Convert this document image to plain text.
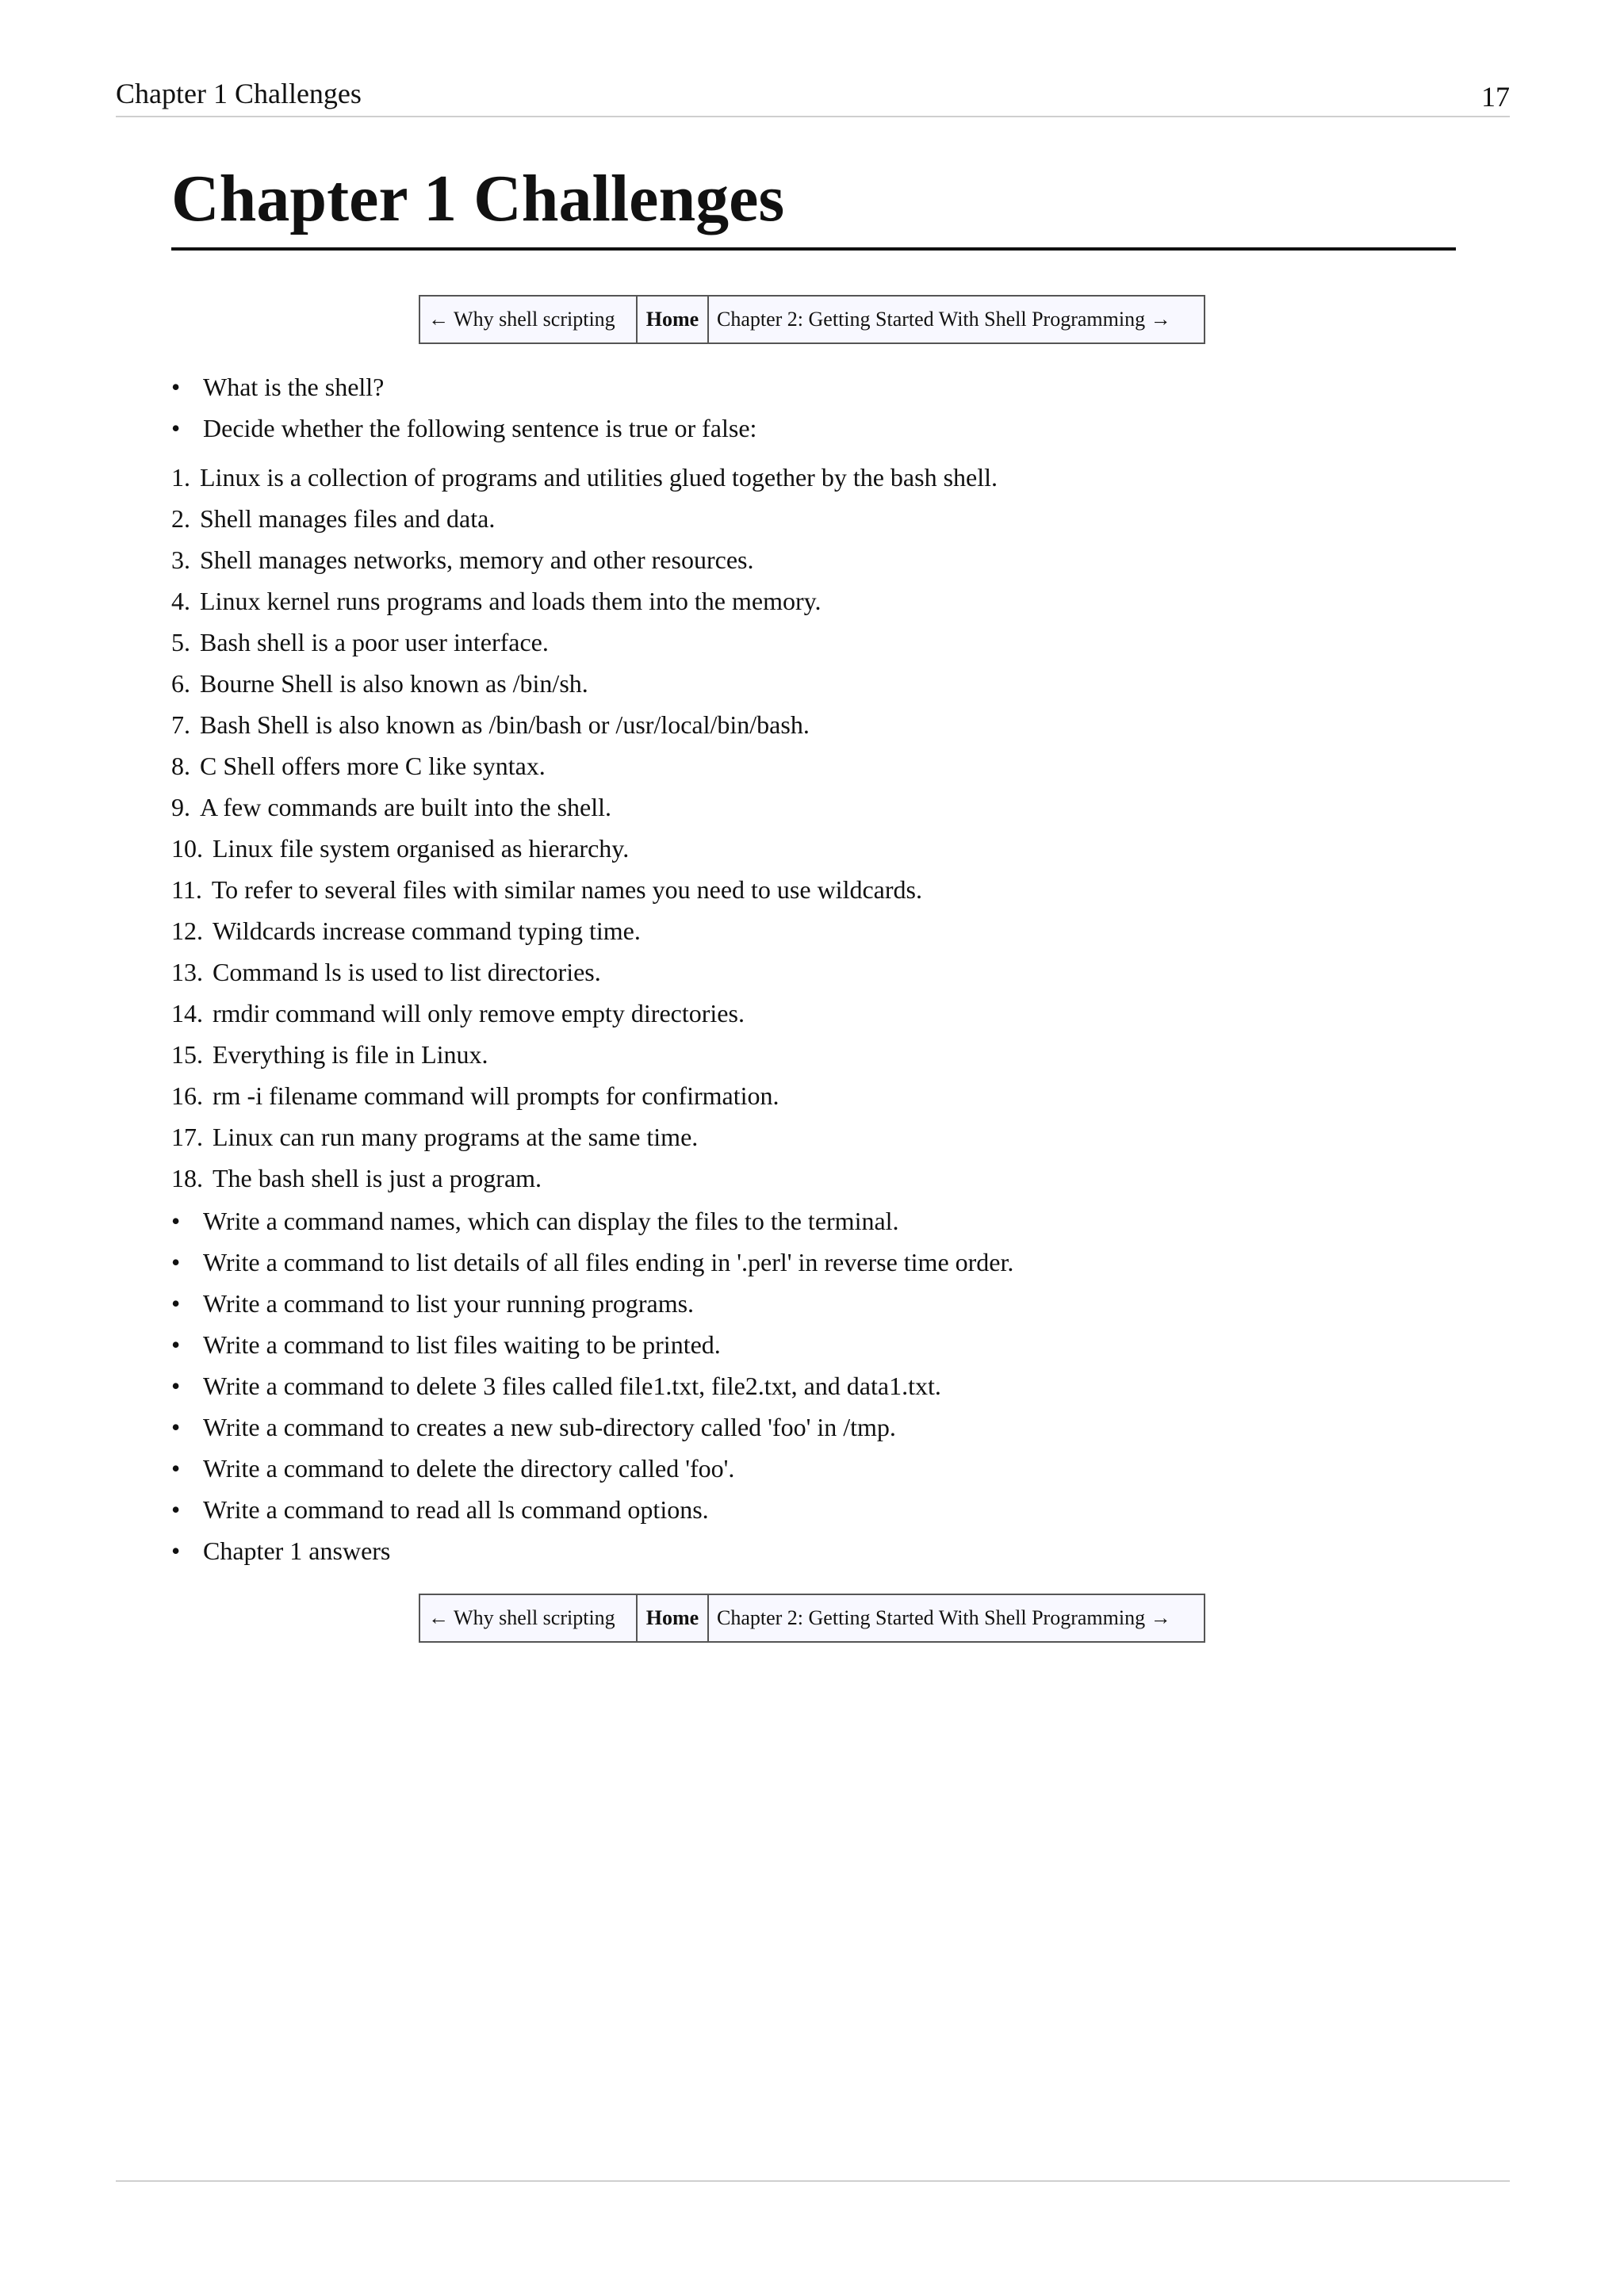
Chapter 1 Challenges	17
Chapter 1 Challenges
← Why shell scripting	Home Chapter 2: Getting Started With Shell Programming →
• What is the shell?
• Decide whether the following sentence is true or false:
1. Linux is a collection of programs and utilities glued together by the bash shell.
2. Shell manages files and data.
3. Shell manages networks, memory and other resources.
4. Linux kernel runs programs and loads them into the memory.
5. Bash shell is a poor user interface.
6. Bourne Shell is also known as /bin/sh.
7. Bash Shell is also known as /bin/bash or /usr/local/bin/bash.
8. C Shell offers more C like syntax.
9. A few commands are built into the shell.
10. Linux file system organised as hierarchy.
11. To refer to several files with similar names you need to use wildcards.
12. Wildcards increase command typing time.
13. Command ls is used to list directories.
14. rmdir command will only remove empty directories.
15. Everything is file in Linux.
16. rm -i filename command will prompts for confirmation.
17. Linux can run many programs at the same time.
18. The bash shell is just a program.
• Write a command names, which can display the files to the terminal.
• Write a command to list details of all files ending in '.perl' in reverse time order.
• Write a command to list your running programs.
• Write a command to list files waiting to be printed.
• Write a command to delete 3 files called file1.txt, file2.txt, and data1.txt.
• Write a command to creates a new sub-directory called 'foo' in /tmp.
• Write a command to delete the directory called 'foo'.
• Write a command to read all ls command options.
• Chapter 1 answers
← Why shell scripting	Home Chapter 2: Getting Started With Shell Programming →
